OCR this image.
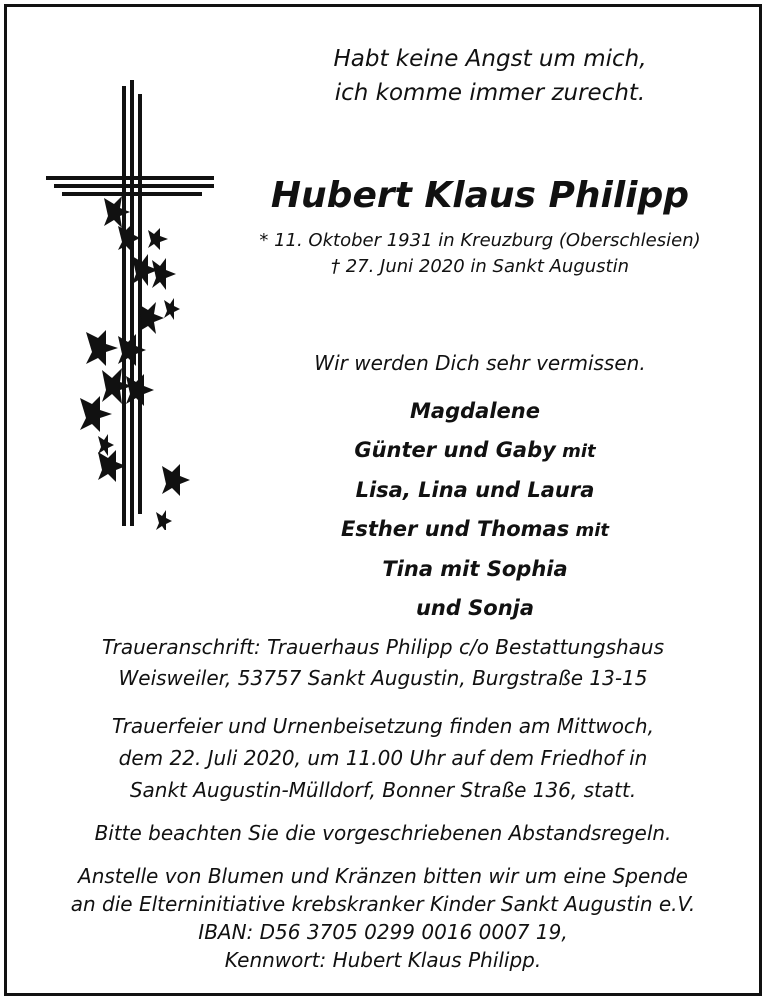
Habt keine Angst um mich,
ich komme immer zurecht.
Hubert Klaus Philipp
* 11. Oktober 1931 in Kreuzburg (Oberschlesien)
† 27. Juni 2020 in Sankt Augustin
Wir werden Dich sehr vermissen.
Magdalene
Günter und Gaby mit
Lisa, Lina und Laura
Esther und Thomas mit
Tina mit Sophia
und Sonja
Traueranschrift: Trauerhaus Philipp c/o Bestattungshaus
Weisweiler, 53757 Sankt Augustin, Burgstraße 13-15
Trauerfeier und Urnenbeisetzung finden am Mittwoch,
dem 22. Juli 2020, um 11.00 Uhr auf dem Friedhof in
Sankt Augustin-Mülldorf, Bonner Straße 136, statt.
Bitte beachten Sie die vorgeschriebenen Abstandsregeln.
Anstelle von Blumen und Kränzen bitten wir um eine Spende
an die Elterninitiative krebskranker Kinder Sankt Augustin e.V.
IBAN: D56 3705 0299 0016 0007 19,
Kennwort: Hubert Klaus Philipp.
